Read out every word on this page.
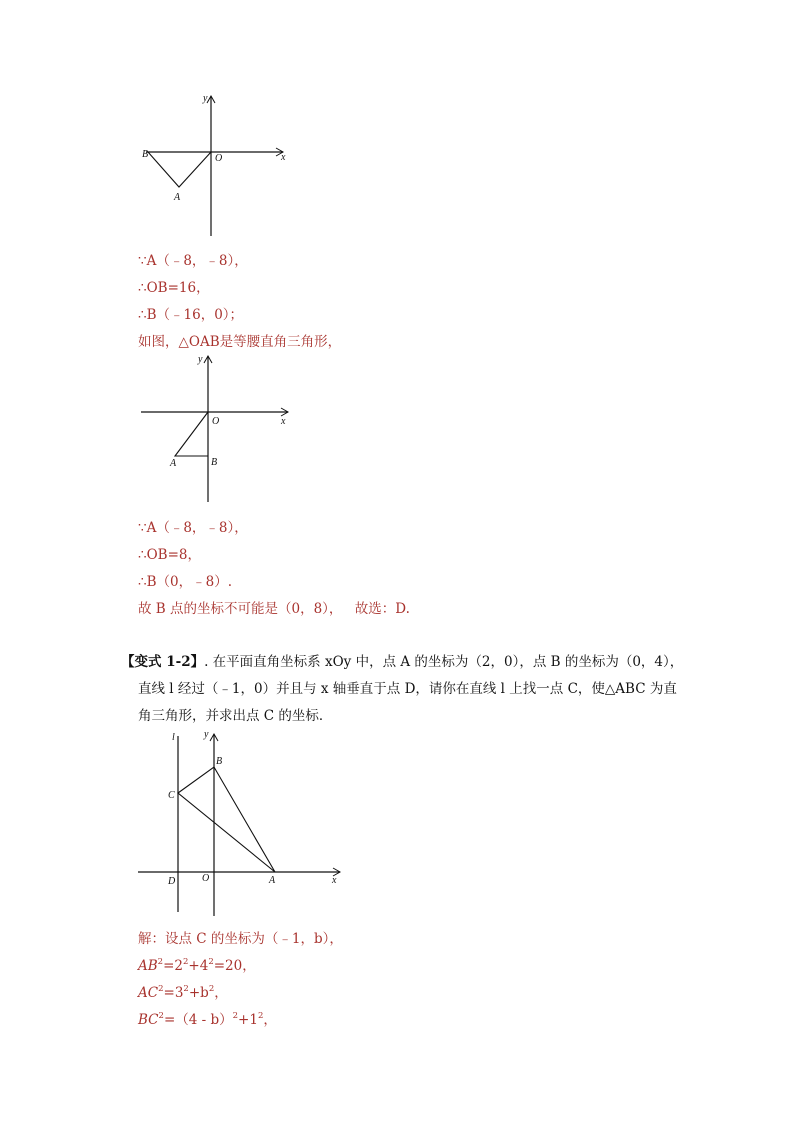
y
x
O
B
A
∵A（﹣8，﹣8），
∴OB=16，
∴B（﹣16，0）；
如图，△OAB是等腰直角三角形，
y
x
O
A	B
∵A（﹣8，﹣8），
∴OB=8，
∴B（0，﹣8）.
故 B 点的坐标不可能是（0，8）， 故选：D.
【变式 1-2】. 在平面直角坐标系 xOy 中，点 A 的坐标为（2，0），点 B 的坐标为（0，4），
直线 l 经过（﹣1，0）并且与 x 轴垂直于点 D，请你在直线 l 上找一点 C，使△ABC 为直
角三角形，并求出点 C 的坐标．
l	y
x
B
C
D	O	A
解：设点 C 的坐标为（﹣1，b），
$AB^2=2^2+4^2=20$，
$AC^2=3^2+b^2$，
$BC^2=(4 - b)^2+1^2$，
